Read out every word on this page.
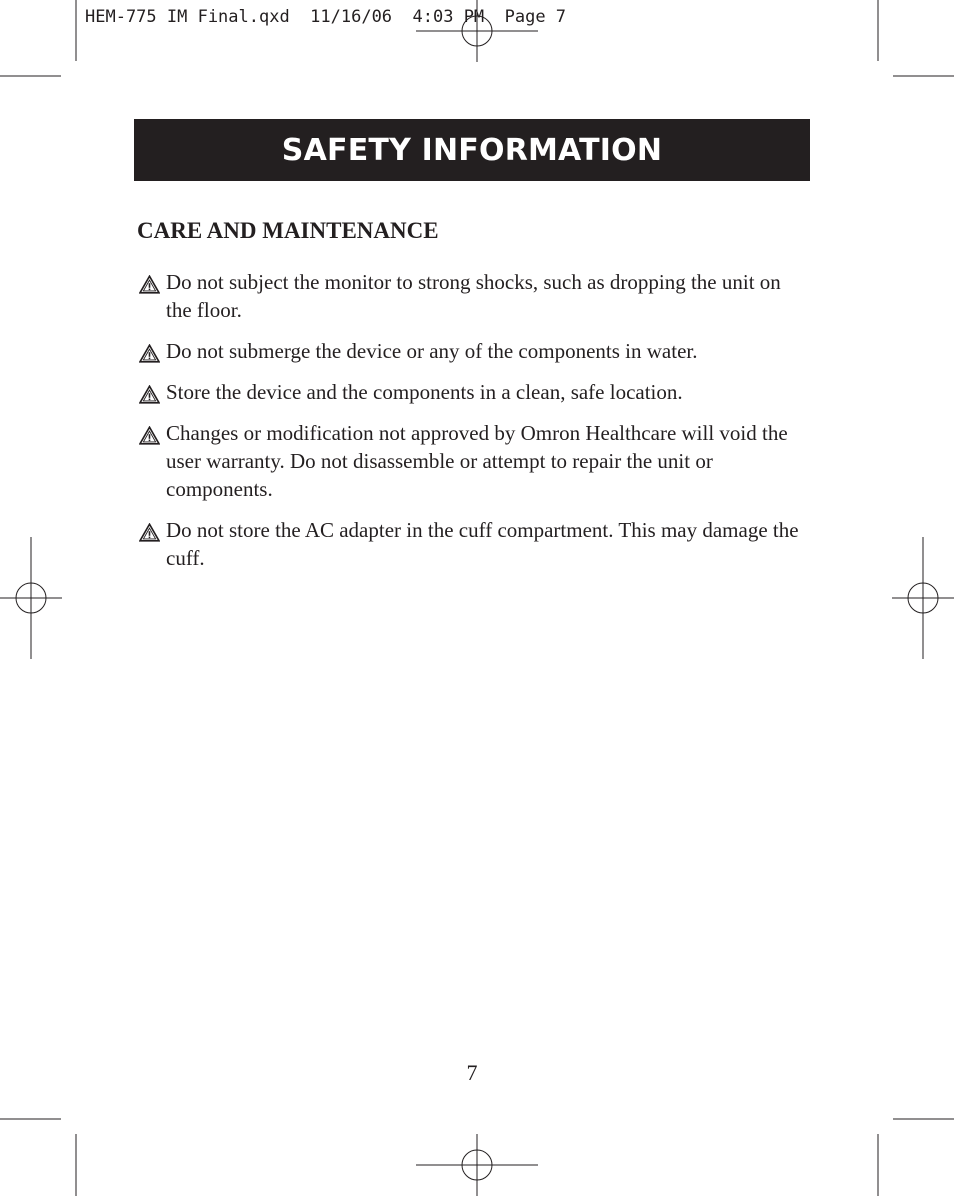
HEM-775 IM Final.qxd  11/16/06  4:03 PM  Page 7
SAFETY INFORMATION
CARE AND MAINTENANCE
Do not subject the monitor to strong shocks, such as dropping the unit on the floor.
Do not submerge the device or any of the components in water.
Store the device and the components in a clean, safe location.
Changes or modification not approved by Omron Healthcare will void the user warranty. Do not disassemble or attempt to repair the unit or components.
Do not store the AC adapter in the cuff compartment. This may damage the cuff.
7
